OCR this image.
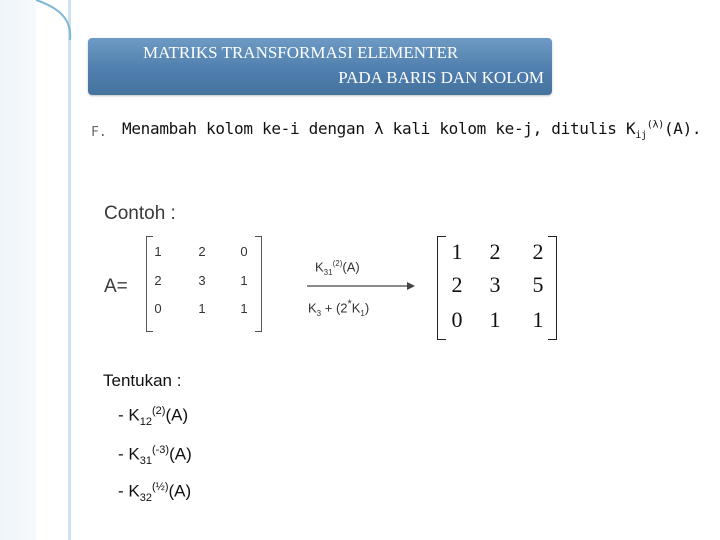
MATRIKS TRANSFORMASI ELEMENTER
PADA BARIS DAN KOLOM
F. Menambah kolom ke-i dengan λ kali kolom ke-j, ditulis $K_{ij}^{(\lambda)}(A)$.
Contoh :
A=
1	2	0
2	3	1
0	1	1
$K_{31}^{(2)}(A)$
$K_3 + (2^*K_1)$
1	2	2
2	3	5
0	1	1
Tentukan :
- $K_{12}^{(2)}(A)$
- $K_{31}^{(-3)}(A)$
- $K_{32}^{(\frac{1}{2})}(A)$
